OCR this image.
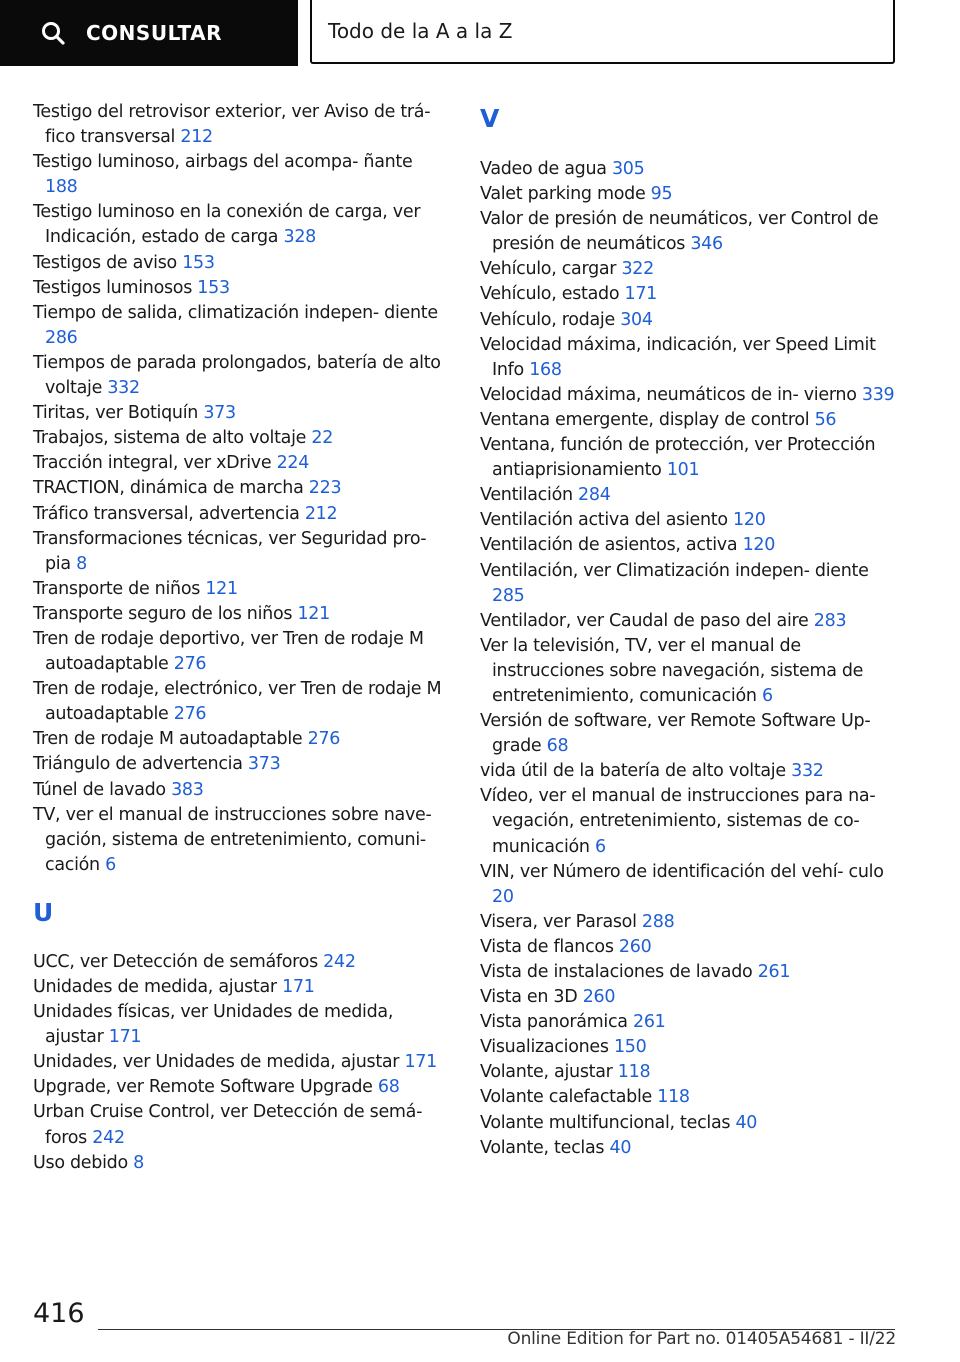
CONSULTAR	Todo de la A a la Z
Testigo del retrovisor exterior, ver Aviso de trá‐ fico transversal 212
Testigo luminoso, airbags del acompa‐ ñante 188
Testigo luminoso en la conexión de carga, ver Indicación, estado de carga 328
Testigos de aviso 153
Testigos luminosos 153
Tiempo de salida, climatización indepen‐ diente 286
Tiempos de parada prolongados, batería de alto voltaje 332
Tiritas, ver Botiquín 373
Trabajos, sistema de alto voltaje 22
Tracción integral, ver xDrive 224
TRACTION, dinámica de marcha 223
Tráfico transversal, advertencia 212
Transformaciones técnicas, ver Seguridad pro‐ pia 8
Transporte de niños 121
Transporte seguro de los niños 121
Tren de rodaje deportivo, ver Tren de rodaje M autoadaptable 276
Tren de rodaje, electrónico, ver Tren de rodaje M autoadaptable 276
Tren de rodaje M autoadaptable 276
Triángulo de advertencia 373
Túnel de lavado 383
TV, ver el manual de instrucciones sobre nave‐ gación, sistema de entretenimiento, comuni‐ cación 6
U
UCC, ver Detección de semáforos 242
Unidades de medida, ajustar 171
Unidades físicas, ver Unidades de medida, ajustar 171
Unidades, ver Unidades de medida, ajustar 171
Upgrade, ver Remote Software Upgrade 68
Urban Cruise Control, ver Detección de semá‐ foros 242
Uso debido 8
V
Vadeo de agua 305
Valet parking mode 95
Valor de presión de neumáticos, ver Control de presión de neumáticos 346
Vehículo, cargar 322
Vehículo, estado 171
Vehículo, rodaje 304
Velocidad máxima, indicación, ver Speed Limit Info 168
Velocidad máxima, neumáticos de in‐ vierno 339
Ventana emergente, display de control 56
Ventana, función de protección, ver Protección antiaprisionamiento 101
Ventilación 284
Ventilación activa del asiento 120
Ventilación de asientos, activa 120
Ventilación, ver Climatización indepen‐ diente 285
Ventilador, ver Caudal de paso del aire 283
Ver la televisión, TV, ver el manual de instrucciones sobre navegación, sistema de entretenimiento, comunicación 6
Versión de software, ver Remote Software Up‐ grade 68
vida útil de la batería de alto voltaje 332
Vídeo, ver el manual de instrucciones para na‐ vegación, entretenimiento, sistemas de co‐ municación 6
VIN, ver Número de identificación del vehí‐ culo 20
Visera, ver Parasol 288
Vista de flancos 260
Vista de instalaciones de lavado 261
Vista en 3D 260
Vista panorámica 261
Visualizaciones 150
Volante, ajustar 118
Volante calefactable 118
Volante multifuncional, teclas 40
Volante, teclas 40
416
Online Edition for Part no. 01405A54681 - II/22
